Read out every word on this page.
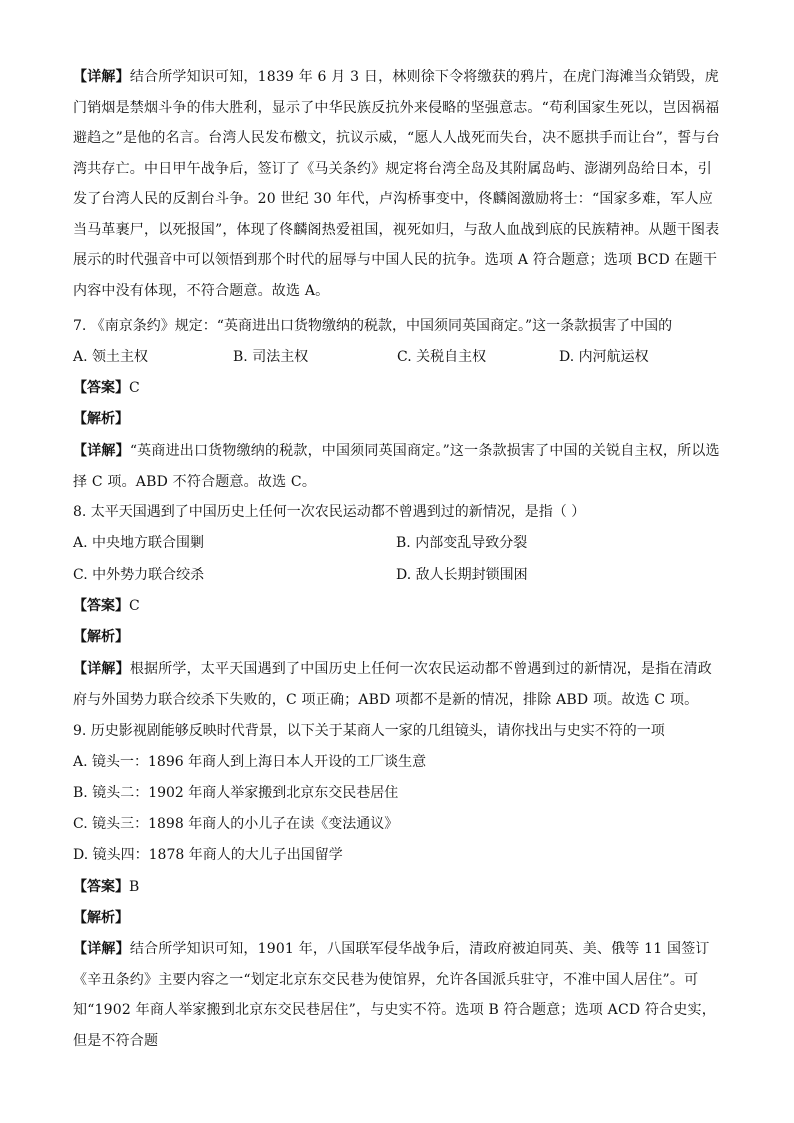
【详解】结合所学知识可知，1839 年 6 月 3 日，林则徐下令将缴获的鸦片，在虎门海滩当众销毁，虎门销烟是禁烟斗争的伟大胜利，显示了中华民族反抗外来侵略的坚强意志。“苟利国家生死以，岂因祸福避趋之”是他的名言。台湾人民发布檄文，抗议示威，“愿人人战死而失台，决不愿拱手而让台”，誓与台湾共存亡。中日甲午战争后，签订了《马关条约》规定将台湾全岛及其附属岛屿、澎湖列岛给日本，引发了台湾人民的反割台斗争。20 世纪 30 年代，卢沟桥事变中，佟麟阁激励将士：“国家多难，军人应当马革裹尸，以死报国”，体现了佟麟阁热爱祖国，视死如归，与敌人血战到底的民族精神。从题干图表展示的时代强音中可以领悟到那个时代的屈辱与中国人民的抗争。选项 A 符合题意；选项 BCD 在题干内容中没有体现，不符合题意。故选 A。
7. 《南京条约》规定：“英商进出口货物缴纳的税款，中国须同英国商定。”这一条款损害了中国的
A. 领土主权	B. 司法主权	C. 关税自主权	D. 内河航运权
【答案】C
【解析】
【详解】“英商进出口货物缴纳的税款，中国须同英国商定。”这一条款损害了中国的关锐自主权，所以选择 C 项。ABD 不符合题意。故选 C。
8. 太平天国遇到了中国历史上任何一次农民运动都不曾遇到过的新情况，是指（ ）
A. 中央地方联合围剿	B. 内部变乱导致分裂
C. 中外势力联合绞杀	D. 敌人长期封锁围困
【答案】C
【解析】
【详解】根据所学，太平天国遇到了中国历史上任何一次农民运动都不曾遇到过的新情况，是指在清政府与外国势力联合绞杀下失败的，C 项正确；ABD 项都不是新的情况，排除 ABD 项。故选 C 项。
9. 历史影视剧能够反映时代背景，以下关于某商人一家的几组镜头，请你找出与史实不符的一项
A. 镜头一：1896 年商人到上海日本人开设的工厂谈生意
B. 镜头二：1902 年商人举家搬到北京东交民巷居住
C. 镜头三：1898 年商人的小儿子在读《变法通议》
D. 镜头四：1878 年商人的大儿子出国留学
【答案】B
【解析】
【详解】结合所学知识可知，1901 年，八国联军侵华战争后，清政府被迫同英、美、俄等 11 国签订《辛丑条约》主要内容之一“划定北京东交民巷为使馆界，允许各国派兵驻守，不准中国人居住”。可知“1902 年商人举家搬到北京东交民巷居住”，与史实不符。选项 B 符合题意；选项 ACD 符合史实，但是不符合题
